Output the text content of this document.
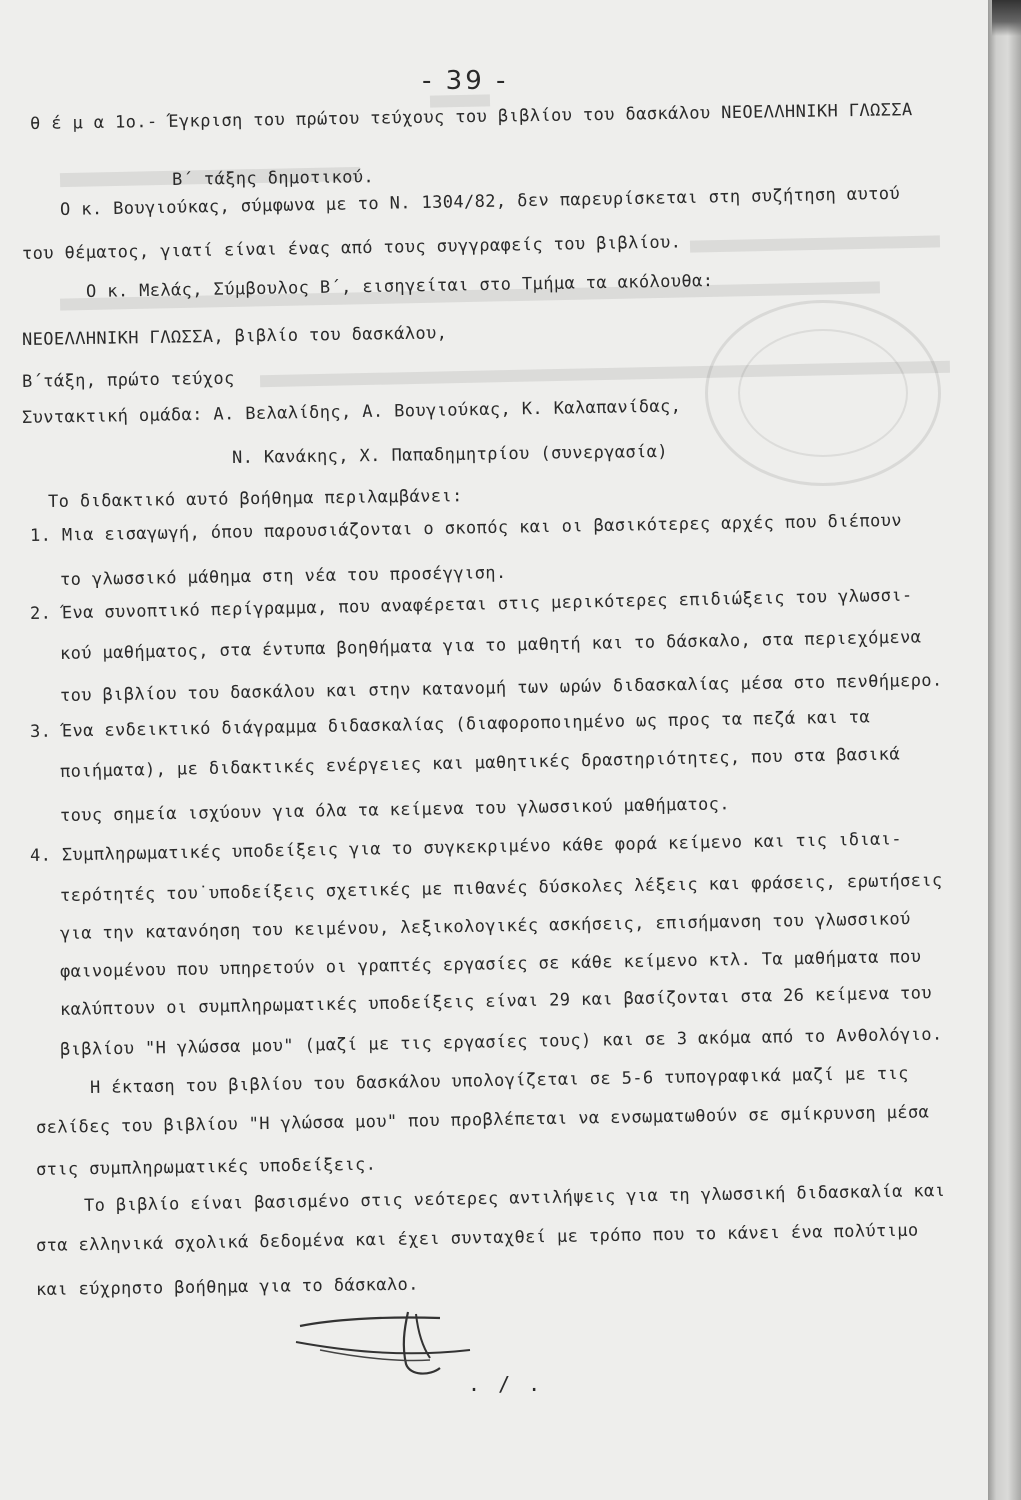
- 39 -
θ έ μ α 1ο.- Έγκριση του πρώτου τεύχους του βιβλίου του δασκάλου ΝΕΟΕΛΛΗΝΙΚΗ ΓΛΩΣΣΑ
Β΄ τάξης δημοτικού.
Ο κ. Βουγιούκας, σύμφωνα με το Ν. 1304/82, δεν παρευρίσκεται στη συζήτηση αυτού
του θέματος, γιατί είναι ένας από τους συγγραφείς του βιβλίου.
Ο κ. Μελάς, Σύμβουλος Β΄, εισηγείται στο Τμήμα τα ακόλουθα:
ΝΕΟΕΛΛΗΝΙΚΗ ΓΛΩΣΣΑ, βιβλίο του δασκάλου,
Β΄τάξη, πρώτο τεύχος
Συντακτική ομάδα: Α. Βελαλίδης, Α. Βουγιούκας, Κ. Καλαπανίδας,
Ν. Κανάκης, Χ. Παπαδημητρίου (συνεργασία)
Το διδακτικό αυτό βοήθημα περιλαμβάνει:
1. Μια εισαγωγή, όπου παρουσιάζονται ο σκοπός και οι βασικότερες αρχές που διέπουν
το γλωσσικό μάθημα στη νέα του προσέγγιση.
2. Ένα συνοπτικό περίγραμμα, που αναφέρεται στις μερικότερες επιδιώξεις του γλωσσι-
κού μαθήματος, στα έντυπα βοηθήματα για το μαθητή και το δάσκαλο, στα περιεχόμενα
του βιβλίου του δασκάλου και στην κατανομή των ωρών διδασκαλίας μέσα στο πενθήμερο.
3. Ένα ενδεικτικό διάγραμμα διδασκαλίας (διαφοροποιημένο ως προς τα πεζά και τα
ποιήματα), με διδακτικές ενέργειες και μαθητικές δραστηριότητες, που στα βασικά
τους σημεία ισχύουν για όλα τα κείμενα του γλωσσικού μαθήματος.
4. Συμπληρωματικές υποδείξεις για το συγκεκριμένο κάθε φορά κείμενο και τις ιδιαι-
τερότητές του˙υποδείξεις σχετικές με πιθανές δύσκολες λέξεις και φράσεις, ερωτήσεις
για την κατανόηση του κειμένου, λεξικολογικές ασκήσεις, επισήμανση του γλωσσικού
φαινομένου που υπηρετούν οι γραπτές εργασίες σε κάθε κείμενο κτλ. Τα μαθήματα που
καλύπτουν οι συμπληρωματικές υποδείξεις είναι 29 και βασίζονται στα 26 κείμενα του
βιβλίου "Η γλώσσα μου" (μαζί με τις εργασίες τους) και σε 3 ακόμα από το Ανθολόγιο.
Η έκταση του βιβλίου του δασκάλου υπολογίζεται σε 5-6 τυπογραφικά μαζί με τις
σελίδες του βιβλίου "Η γλώσσα μου" που προβλέπεται να ενσωματωθούν σε σμίκρυνση μέσα
στις συμπληρωματικές υποδείξεις.
Το βιβλίο είναι βασισμένο στις νεότερες αντιλήψεις για τη γλωσσική διδασκαλία και
στα ελληνικά σχολικά δεδομένα και έχει συνταχθεί με τρόπο που το κάνει ένα πολύτιμο
και εύχρηστο βοήθημα για το δάσκαλο.
. / .
